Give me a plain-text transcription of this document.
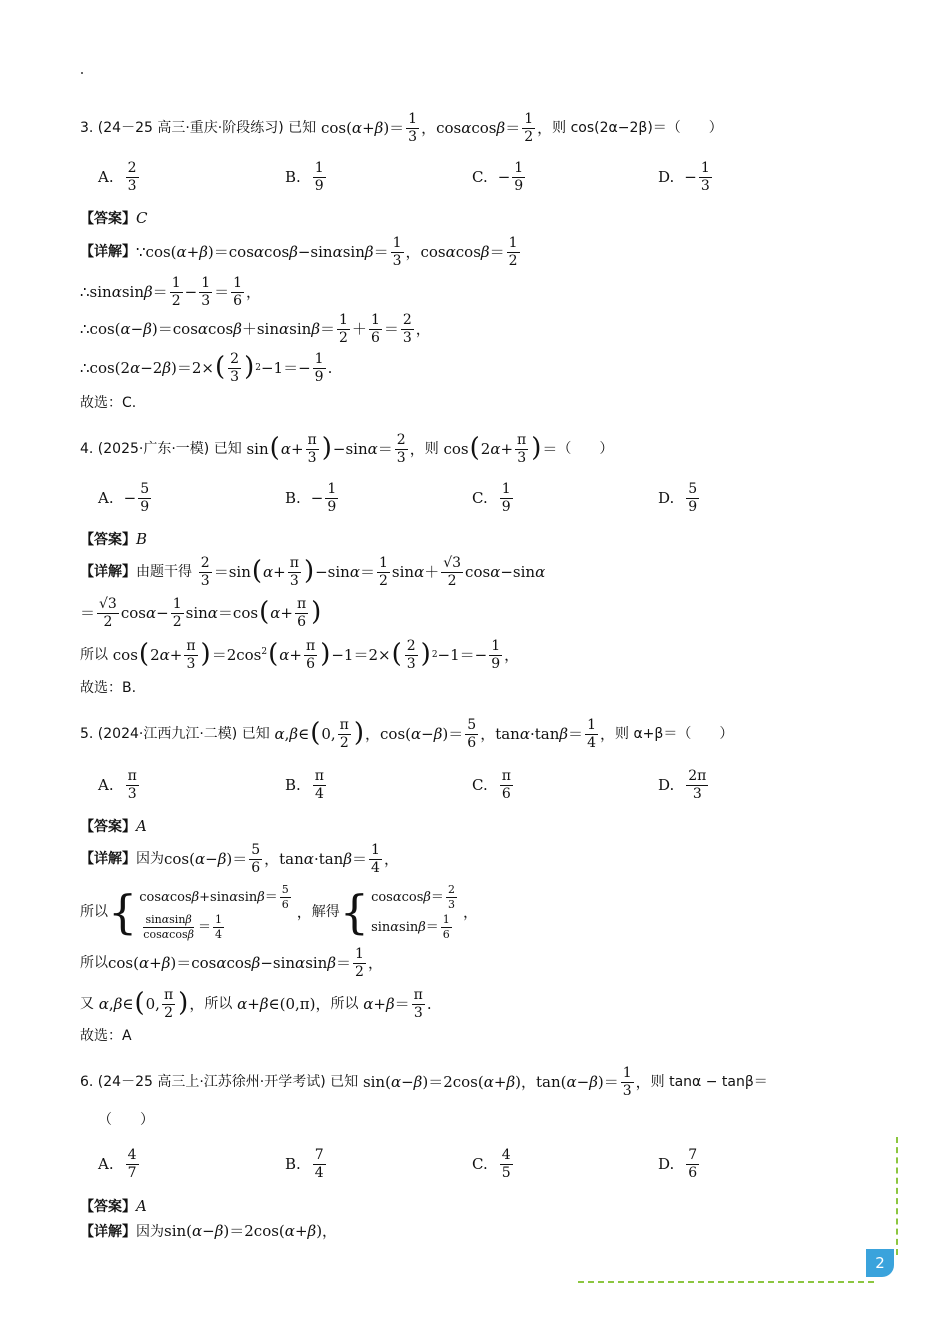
3. (24－25 高三·重庆·阶段练习) 已知 $\cos(\alpha+\beta)= \frac{1}{3}$ ，$\cos\alpha\cos\beta= \frac{1}{2}$ ， 则 cos(2α−2β)＝（　　）
A. $\frac{2}{3}$	B. $\frac{1}{9}$	C. − $\frac{1}{9}$	D. − $\frac{1}{3}$
【答案】 C
【详解】 ∵cos(α+β)＝cosαcosβ−sinαsinβ＝ $\frac{1}{3}$ ，$\cos\alpha\cos\beta= \frac{1}{2}$
∴sinαsinβ＝ $\frac{1}{2} - \frac{1}{3} = \frac{1}{6}$ ，
∴cos(α−β)＝cosαcosβ＋sinαsinβ＝ $\frac{1}{2} + \frac{1}{6} = \frac{2}{3}$ ，
∴cos(2α−2β)＝2× ( $\frac{2}{3}$ ) $2 -1=- \frac{1}{9}$ .
故选：C.
4. (2025·广东·一模) 已知 sin ( $\alpha+ \frac{\pi}{3}$ ) $-\sin\alpha= \frac{2}{3}$ ， 则 cos ( $2\alpha+ \frac{\pi}{3}$ ) ＝ （　　）
A. − $\frac{5}{9}$	B. − $\frac{1}{9}$	C. $\frac{1}{9}$	D. $\frac{5}{9}$
【答案】 B
【详解】 由题干得
$\frac{2}{3} =\sin$ ( $\alpha+ \frac{\pi}{3}$ ) $-\sin\alpha= \frac{1}{2} \sin\alpha+ \frac{√3}{2} \cos\alpha-\sin\alpha$
＝ $\frac{√3}{2} \cos\alpha- \frac{1}{2} \sin\alpha=\cos$ ( $\alpha+ \frac{\pi}{6}$ )
所以 cos ( $2\alpha+ \frac{\pi}{3}$ ) $=2\cos^2$ ( $\alpha+ \frac{\pi}{6}$ ) −1＝2× ( $\frac{2}{3}$ ) $2 -1=- \frac{1}{9}$ ，
故选：B.
5. (2024·江西九江·二模) 已知 α,β∈ ( 0, $\frac{\pi}{2}$ ) ，$\cos(\alpha-\beta)= \frac{5}{6}$ ，$\tan\alpha\cdot\tan\beta= \frac{1}{4}$ ， 则 α+β＝（　　）
A. $\frac{\pi}{3}$	B. $\frac{\pi}{4}$	C. $\frac{\pi}{6}$	D. $\frac{2\pi}{3}$
【答案】 A
【详解】 因为 $\cos(\alpha-\beta)= \frac{5}{6}$ ，$\tan\alpha\cdot\tan\beta= \frac{1}{4}$ ，
所以 { $\cos\alpha\cos\beta+\sin\alpha\sin\beta= \frac{5}{6}$
$\frac{\sin\alpha\sin\beta}{\cos\alpha\cos\beta} = \frac{1}{4}$
， 解得 { $\cos\alpha\cos\beta= \frac{2}{3}$
$\sin\alpha\sin\beta= \frac{1}{6}$
，
所以 $\cos(\alpha+\beta)=\cos\alpha\cos\beta-\sin\alpha\sin\beta= \frac{1}{2}$ ，
又 α,β∈ ( 0, $\frac{\pi}{2}$ ) ， 所以 α+β∈(0,π)， 所以 $\alpha+\beta= \frac{\pi}{3}$ .
故选：A
6. (24－25 高三上·江苏徐州·开学考试) 已知 sin(α−β)＝2cos(α+β)，$\tan(\alpha-\beta)= \frac{1}{3}$ ， 则 tanα − tanβ＝
（　　）
A. $\frac{4}{7}$	B. $\frac{7}{4}$	C. $\frac{4}{5}$	D. $\frac{7}{6}$
【答案】 A
【详解】 因为 sin(α−β)＝2cos(α+β)，
2
